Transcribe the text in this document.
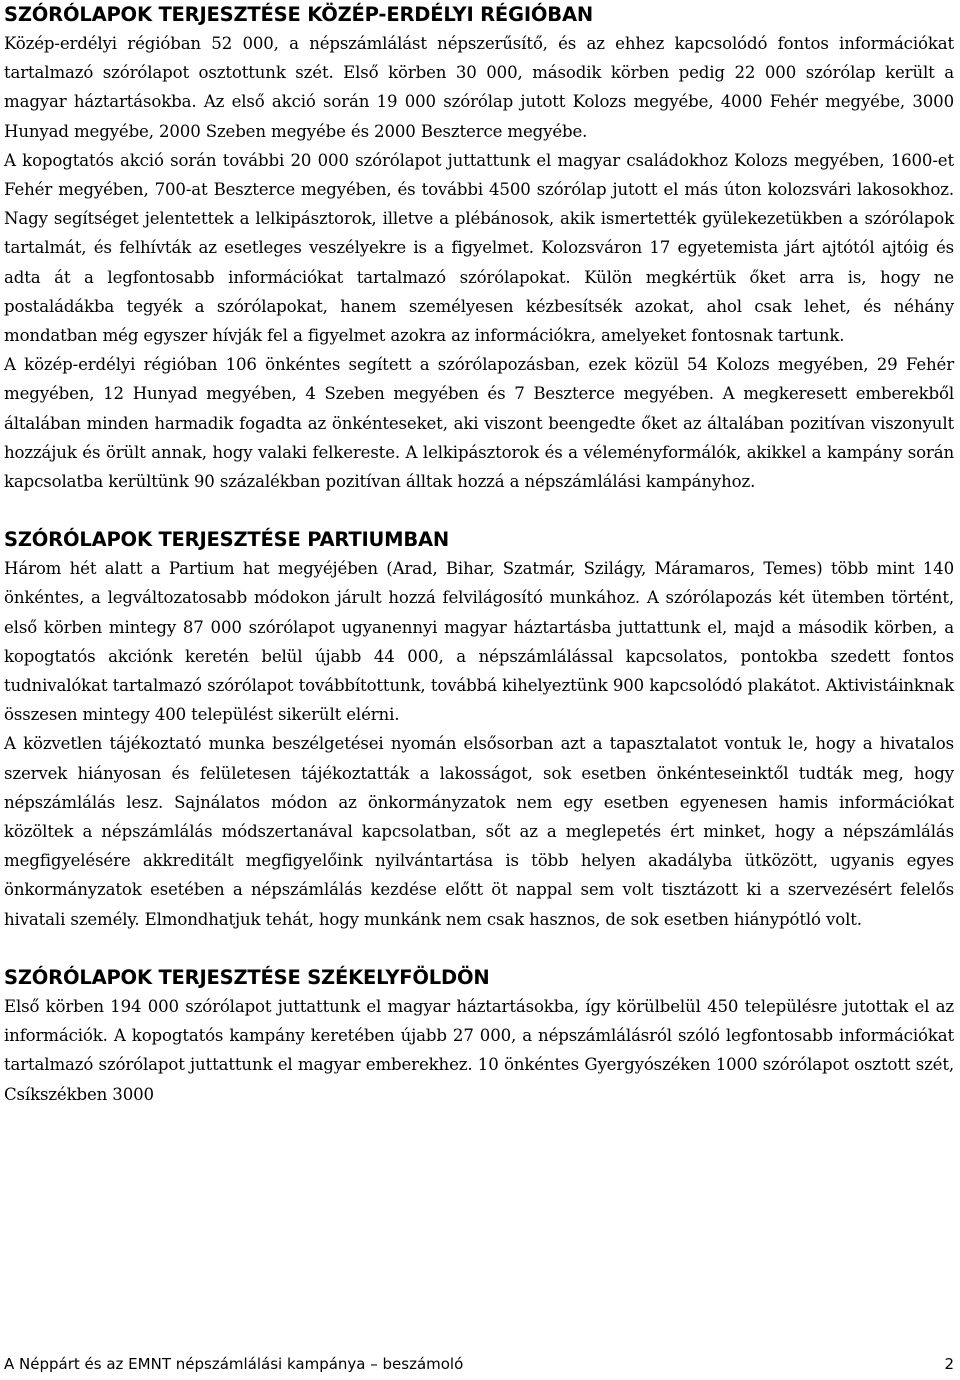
SZÓRÓLAPOK TERJESZTÉSE KÖZÉP-ERDÉLYI RÉGIÓBAN

Közép-erdélyi régióban 52 000, a népszámlálást népszerűsítő, és az ehhez kapcsolódó fontos információkat tartalmazó szórólapot osztottunk szét. Első körben 30 000, második körben pedig 22 000 szórólap került a magyar háztartásokba. Az első akció során 19 000 szórólap jutott Kolozs megyébe, 4000 Fehér megyébe, 3000 Hunyad megyébe, 2000 Szeben megyébe és 2000 Beszterce megyébe.

A kopogtatós akció során további 20 000 szórólapot juttattunk el magyar családokhoz Kolozs megyében, 1600-et Fehér megyében, 700-at Beszterce megyében, és további 4500 szórólap jutott el más úton kolozsvári lakosokhoz. Nagy segítséget jelentettek a lelkipásztorok, illetve a plébánosok, akik ismertették gyülekezetükben a szórólapok tartalmát, és felhívták az esetleges veszélyekre is a figyelmet. Kolozsváron 17 egyetemista járt ajtótól ajtóig és adta át a legfontosabb információkat tartalmazó szórólapokat. Külön megkértük őket arra is, hogy ne postaládákba tegyék a szórólapokat, hanem személyesen kézbesítsék azokat, ahol csak lehet, és néhány mondatban még egyszer hívják fel a figyelmet azokra az információkra, amelyeket fontosnak tartunk.

A közép-erdélyi régióban 106 önkéntes segített a szórólapozásban, ezek közül 54 Kolozs megyében, 29 Fehér megyében, 12 Hunyad megyében, 4 Szeben megyében és 7 Beszterce megyében. A megkeresett emberekből általában minden harmadik fogadta az önkénteseket, aki viszont beengedte őket az általában pozitívan viszonyult hozzájuk és örült annak, hogy valaki felkereste. A lelkipásztorok és a véleményformálók, akikkel a kampány során kapcsolatba kerültünk 90 százalékban pozitívan álltak hozzá a népszámlálási kampányhoz.

SZÓRÓLAPOK TERJESZTÉSE PARTIUMBAN

Három hét alatt a Partium hat megyéjében (Arad, Bihar, Szatmár, Szilágy, Máramaros, Temes) több mint 140 önkéntes, a legváltozatosabb módokon járult hozzá felvilágosító munkához. A szórólapozás két ütemben történt, első körben mintegy 87 000 szórólapot ugyanennyi magyar háztartásba juttattunk el, majd a második körben, a kopogtatós akciónk keretén belül újabb 44 000, a népszámlálással kapcsolatos, pontokba szedett fontos tudnivalókat tartalmazó szórólapot továbbítottunk, továbbá kihelyeztünk 900 kapcsolódó plakátot. Aktivistáinknak összesen mintegy 400 települést sikerült elérni.

A közvetlen tájékoztató munka beszélgetései nyomán elsősorban azt a tapasztalatot vontuk le, hogy a hivatalos szervek hiányosan és felületesen tájékoztatták a lakosságot, sok esetben önkénteseinktől tudták meg, hogy népszámlálás lesz. Sajnálatos módon az önkormányzatok nem egy esetben egyenesen hamis információkat közöltek a népszámlálás módszertanával kapcsolatban, sőt az a meglepetés ért minket, hogy a népszámlálás megfigyelésére akkreditált megfigyelőink nyilvántartása is több helyen akadályba ütközött, ugyanis egyes önkormányzatok esetében a népszámlálás kezdése előtt öt nappal sem volt tisztázott ki a szervezésért felelős hivatali személy. Elmondhatjuk tehát, hogy munkánk nem csak hasznos, de sok esetben hiánypótló volt.

SZÓRÓLAPOK TERJESZTÉSE SZÉKELYFÖLDÖN

Első körben 194 000 szórólapot juttattunk el magyar háztartásokba, így körülbelül 450 településre jutottak el az információk. A kopogtatós kampány keretében újabb 27 000, a népszámlálásról szóló legfontosabb információkat tartalmazó szórólapot juttattunk el magyar emberekhez. 10 önkéntes Gyergyószéken 1000 szórólapot osztott szét, Csíkszékben 3000

A Néppárt és az EMNT népszámlálási kampánya – beszámoló	2
